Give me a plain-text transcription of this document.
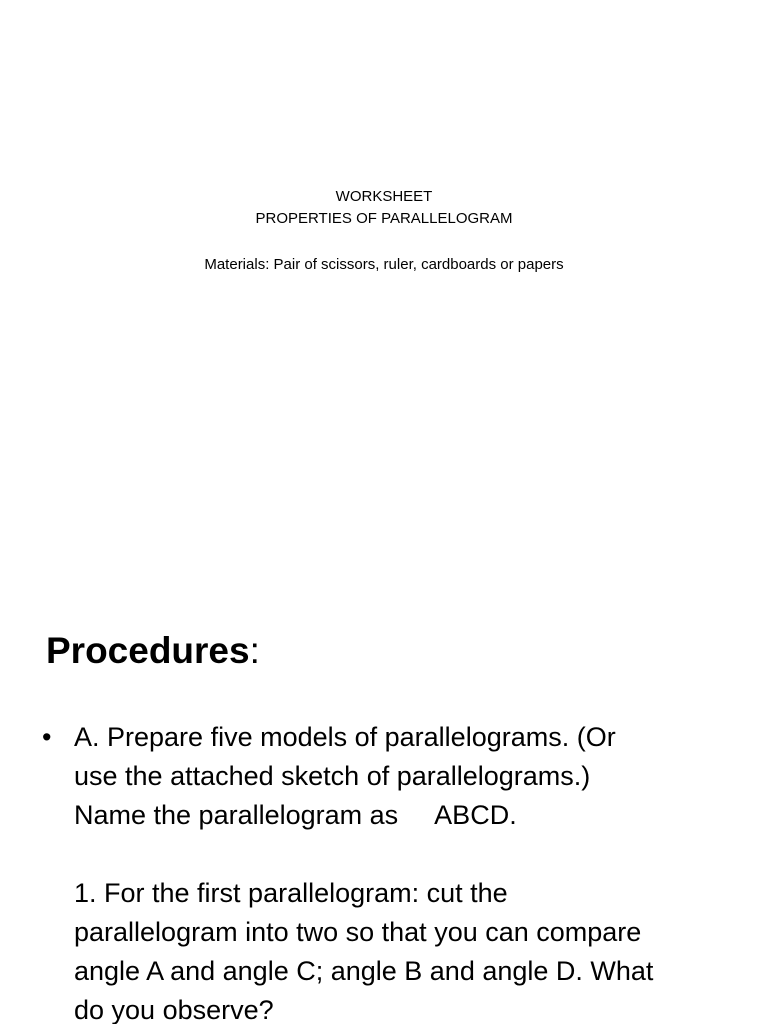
WORKSHEET
PROPERTIES OF PARALLELOGRAM
Materials: Pair of scissors, ruler, cardboards or papers
Procedures:
• A. Prepare five models of parallelograms. (Or

use the attached sketch of parallelograms.)

Name the parallelogram as     ABCD.

1. For the first parallelogram: cut the

parallelogram into two so that you can compare

angle A and angle C; angle B and angle D. What

do you observe?
